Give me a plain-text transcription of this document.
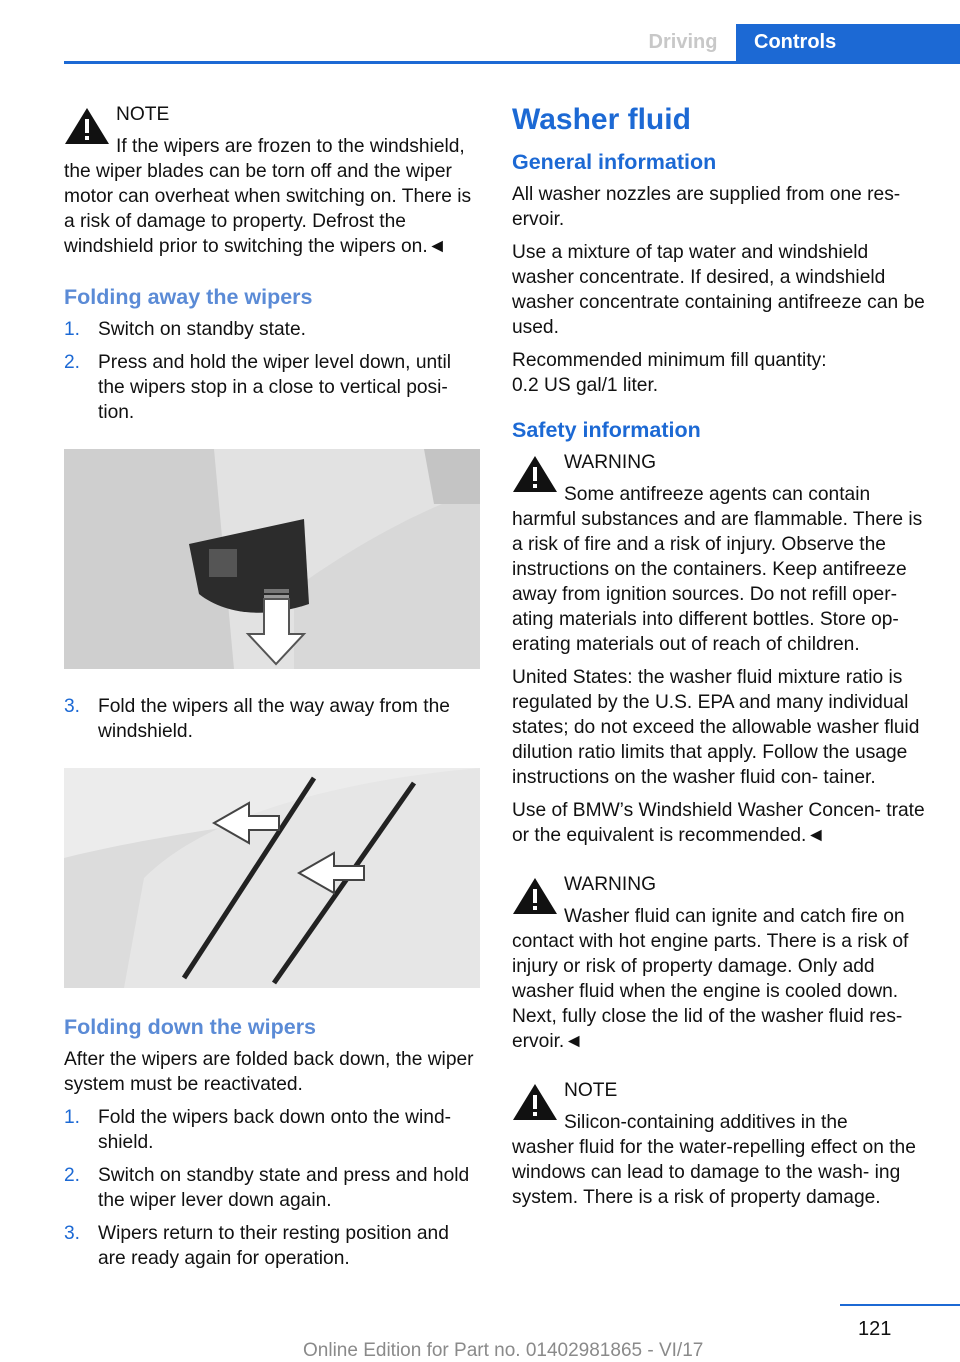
Driving	Controls
NOTE
If the wipers are frozen to the windshield,
the wiper blades can be torn off and the wiper motor can overheat when switching on. There is a risk of damage to property. Defrost the windshield prior to switching the wipers on.◄
Folding away the wipers
1. Switch on standby state.
2. Press and hold the wiper level down, until the wipers stop in a close to vertical posi‐ tion.
3. Fold the wipers all the way away from the windshield.
Folding down the wipers

After the wipers are folded back down, the wiper system must be reactivated.

1. Fold the wipers back down onto the wind‐ shield.
2. Switch on standby state and press and hold the wiper lever down again.
3. Wipers return to their resting position and are ready again for operation.
Washer fluid
General information

All washer nozzles are supplied from one res‐ ervoir.

Use a mixture of tap water and windshield washer concentrate. If desired, a windshield washer concentrate containing antifreeze can be used.

Recommended minimum fill quantity:
0.2 US gal/1 liter.

Safety information
WARNING
Some antifreeze agents can contain
harmful substances and are flammable. There is a risk of fire and a risk of injury. Observe the instructions on the containers. Keep antifreeze away from ignition sources. Do not refill oper‐ ating materials into different bottles. Store op‐ erating materials out of reach of children.

United States: the washer fluid mixture ratio is regulated by the U.S. EPA and many individual states; do not exceed the allowable washer fluid dilution ratio limits that apply. Follow the usage instructions on the washer fluid con‐ tainer.

Use of BMW’s Windshield Washer Concen‐ trate or the equivalent is recommended.◄

WARNING
Washer fluid can ignite and catch fire on
contact with hot engine parts. There is a risk of injury or risk of property damage. Only add washer fluid when the engine is cooled down. Next, fully close the lid of the washer fluid res‐ ervoir.◄
NOTE
Silicon-containing additives in the
washer fluid for the water-repelling effect on the windows can lead to damage to the wash‐ ing system. There is a risk of property damage.
121
Online Edition for Part no. 01402981865 - VI/17
